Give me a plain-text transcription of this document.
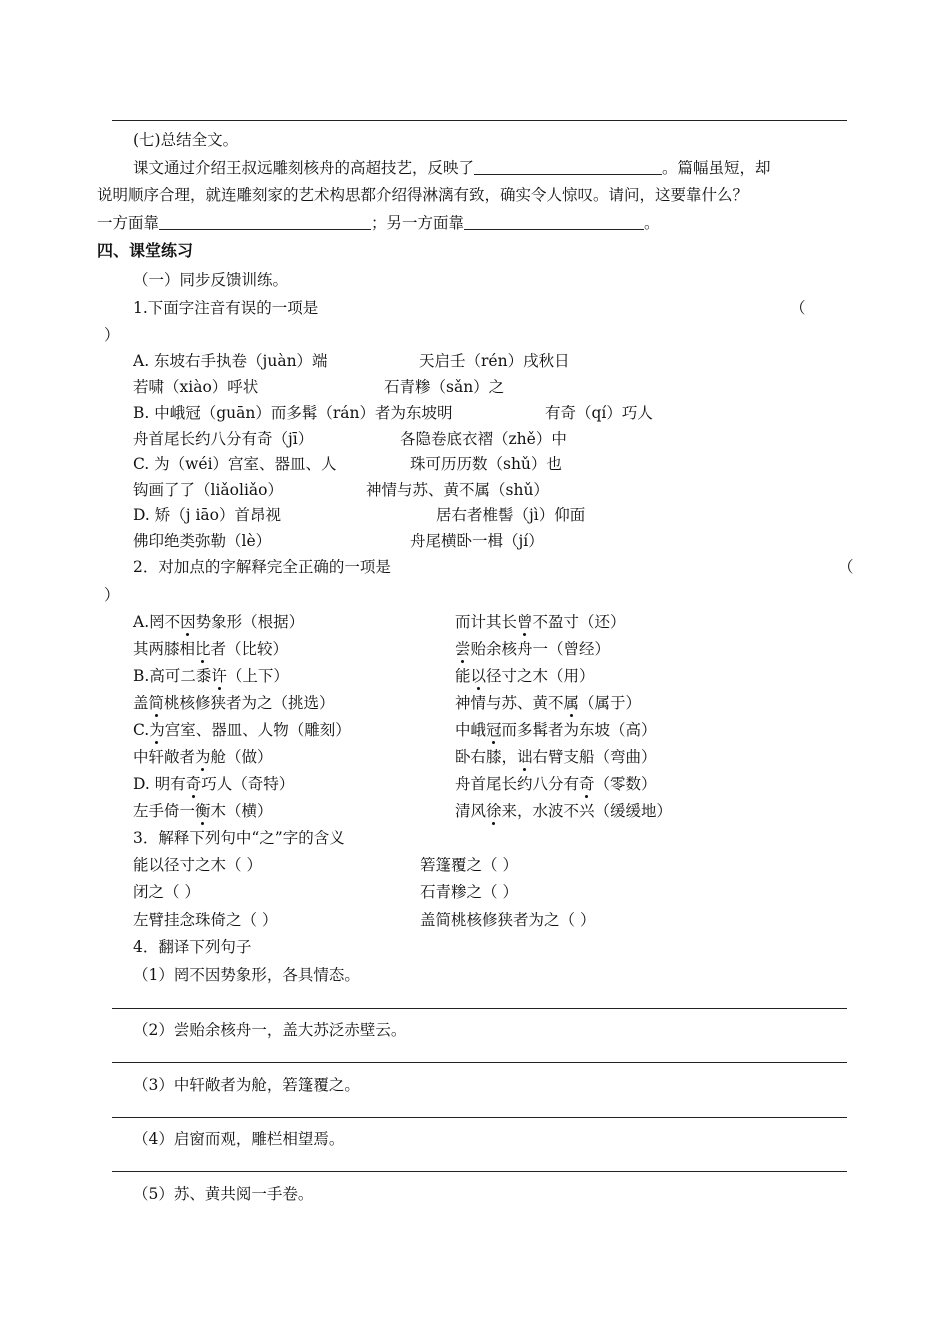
(七)总结全文。
课文通过介绍王叔远雕刻核舟的高超技艺，反映了	。篇幅虽短，却
说明顺序合理，就连雕刻家的艺术构思都介绍得淋漓有致，确实令人惊叹。请问，这要靠什么？
一方面靠	；另一方面靠	。
四、课堂练习
（一）同步反馈训练。
1.下面字注音有误的一项是	（
）
A. 东坡右手执卷（juàn）端	天启壬（rén）戌秋日
若啸（xiào）呼状	石青糁（sǎn）之
B. 中峨冠（guān）而多髯（rán）者为东坡明	有奇（qí）巧人
舟首尾长约八分有奇（jī）	各隐卷底衣褶（zhě）中
C. 为（wéi）宫室、器皿、人	珠可历历数（shǔ）也
钩画了了（liǎoliǎo）	神情与苏、黄不属（shǔ）
D. 矫（j iāo）首昂视	居右者椎髻（jì）仰面
佛印绝类弥勒（lè）	舟尾横卧一楫（jí）
2．对加点的字解释完全正确的一项是	（
）
A.罔不因势象形（根据）	而计其长曾不盈寸（还）
其两膝相比者（比较）	尝贻余核舟一（曾经）
B.高可二黍许（上下）	能以径寸之木（用）
盖简桃核修狭者为之（挑选）	神情与苏、黄不属（属于）
C.为宫室、器皿、人物（雕刻）	中峨冠而多髯者为东坡（高）
中轩敞者为舱（做）	卧右膝，诎右臂支船（弯曲）
D. 明有奇巧人（奇特）	舟首尾长约八分有奇（零数）
左手倚一衡木（横）	清风徐来，水波不兴（缓缓地）
3．解释下列句中“之”字的含义
能以径寸之木（ ）	箬篷覆之（ ）
闭之（ ）	石青糁之（ ）
左臂挂念珠倚之（ ）	盖简桃核修狭者为之（ ）
4．翻译下列句子
（1）罔不因势象形，各具情态。
（2）尝贻余核舟一，盖大苏泛赤壁云。
（3）中轩敞者为舱，箬篷覆之。
（4）启窗而观，雕栏相望焉。
（5）苏、黄共阅一手卷。
